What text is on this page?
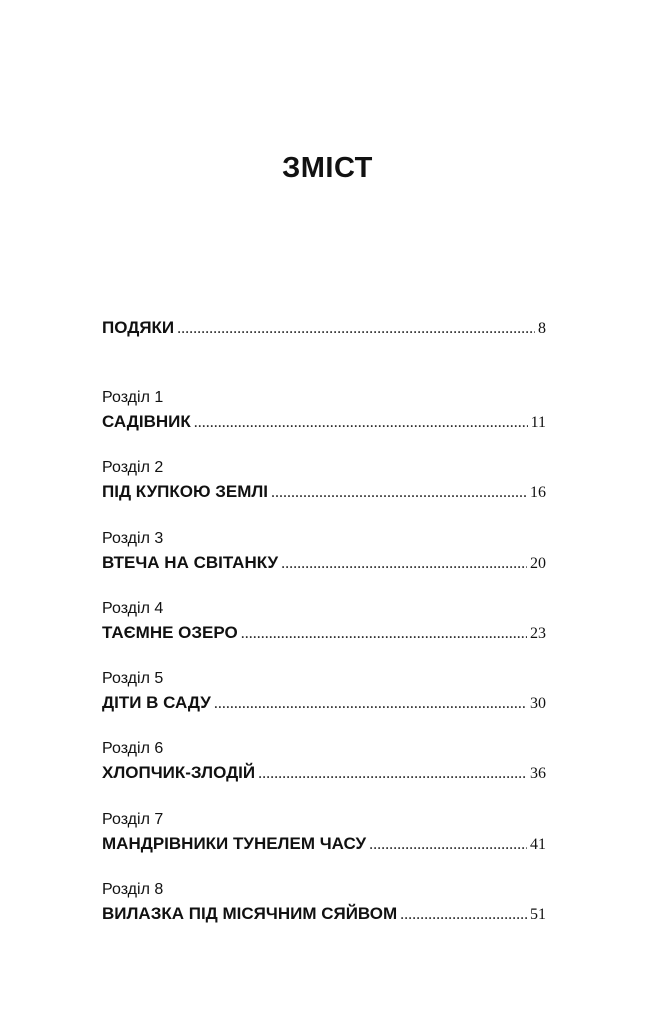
ЗМІСТ
ПОДЯКИ .....	8
Розділ 1
САДІВНИК .....	11
Розділ 2
ПІД КУПКОЮ ЗЕМЛІ .....	16
Розділ 3
ВТЕЧА НА СВІТАНКУ .....	20
Розділ 4
ТАЄМНЕ ОЗЕРО .....	23
Розділ 5
ДІТИ В САДУ .....	30
Розділ 6
ХЛОПЧИК-ЗЛОДІЙ .....	36
Розділ 7
МАНДРІВНИКИ ТУНЕЛЕМ ЧАСУ .....	41
Розділ 8
ВИЛАЗКА ПІД МІСЯЧНИМ СЯЙВОМ .....	51
